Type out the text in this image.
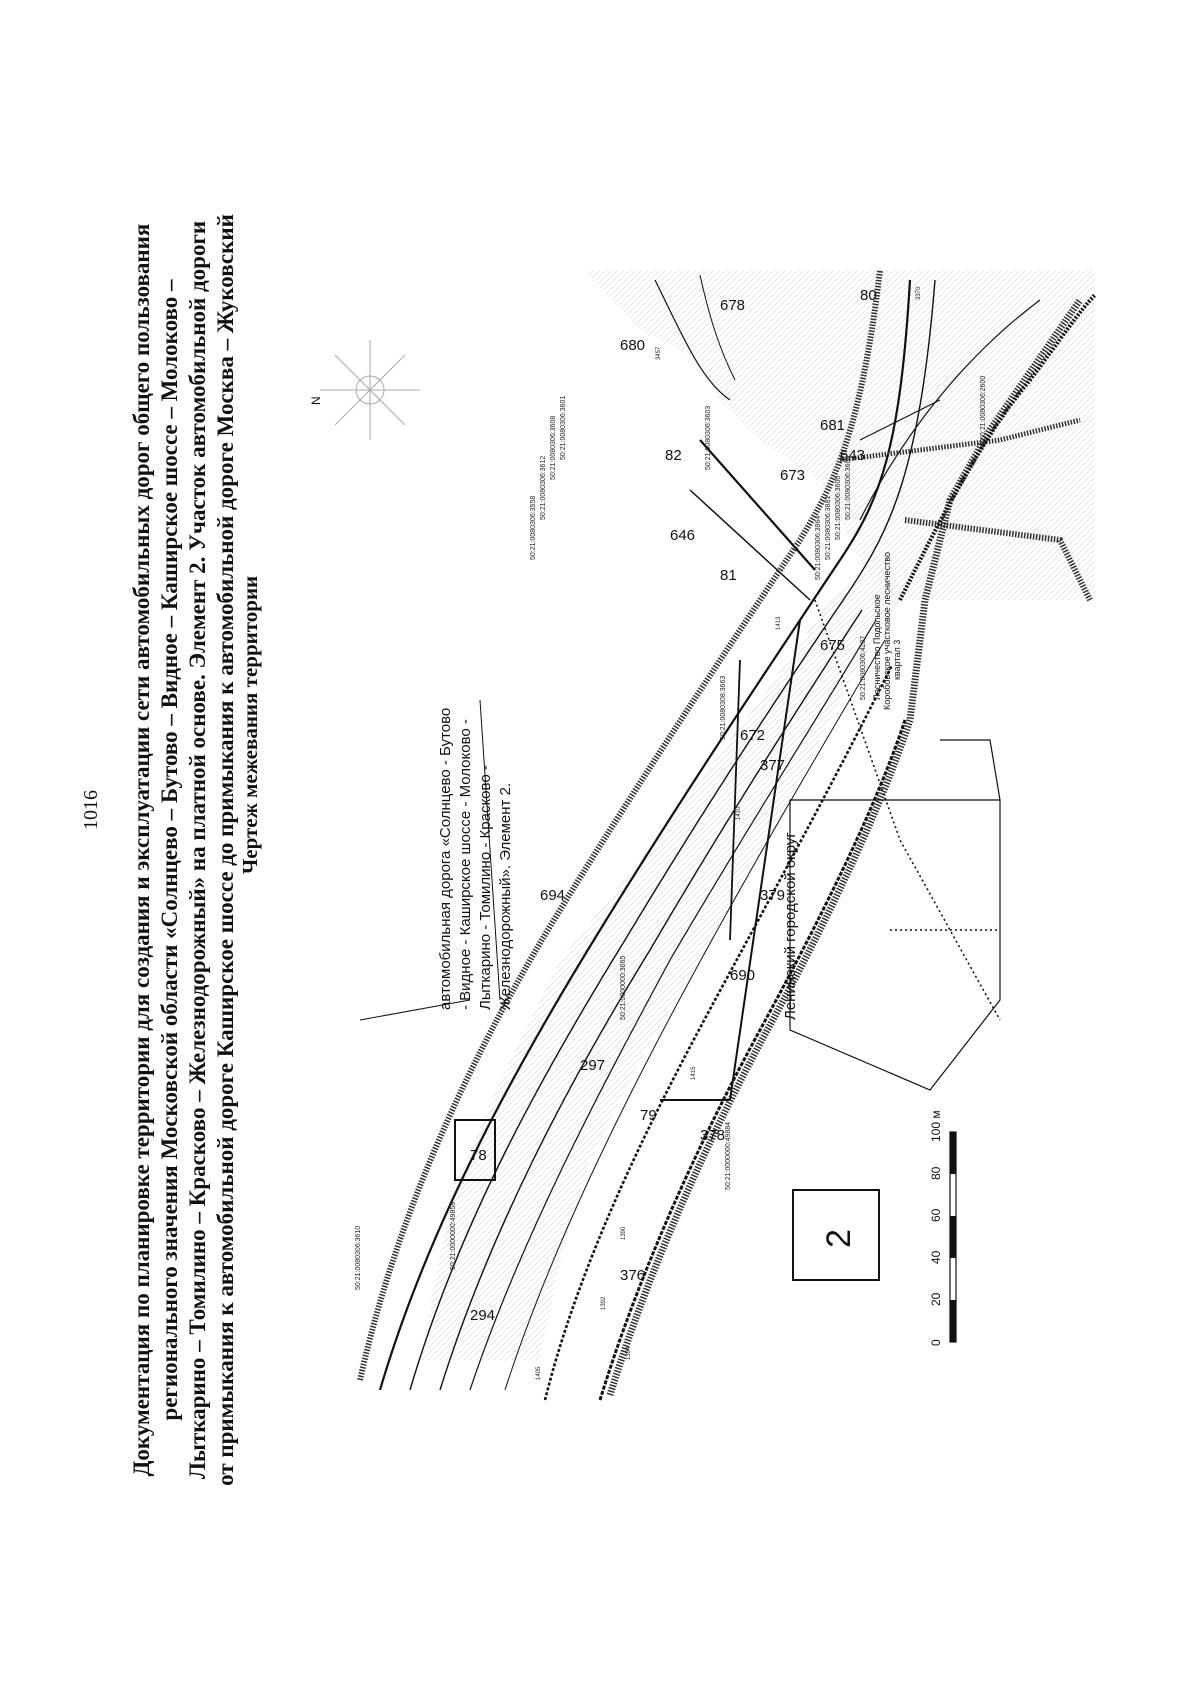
1016 Документация по планировке территории для создания и эксплуатации сети автомобильных дорог общего пользования регионального значения Московской области «Солнцево – Бутово – Видное – Каширское шоссе – Молоково – Лыткарино – Томилино – Красково – Железнодорожный» на платной основе. Элемент 2. Участок автомобильной дороги от примыкания к автомобильной дороге Каширское шоссе до примыкания к автомобильной дороге Москва – Жуковский Чертеж межевания территории
294
376
378
79
78
297
690
379
694
377
672
675
646
81
82
673
681
643
680
678
80
50:21:0080306:3610	50:21:0000000:49858
50:21:0000000:49884
50:21:0000000:3665
50:21:0080308:3663
50:21:0080306:3558
50:21:0080306:3612
50:21:0080306:3608 50:21:0080306:3601	50:21:0080306:3603
50:21:0080306:3604
50:21:0080306:3606
50:21:0080306:3881
50:21:0080306:3864
50:21:0080306:4207
50:21:0080306:2600
автомобильная дорога «Солнцево - Бутово - Видное - Каширское шоссе - Молоково - Лыткарино - Томилино - Красково - Железнодорожный». Элемент 2.	Ленинский городской округ
Лесничество Подольское Коробовское участковое лесничество квартал 3
1405
1392
1394
1390
1415
1410
1413
3457
3370
N
2
0
20
40
60
80
100 м
